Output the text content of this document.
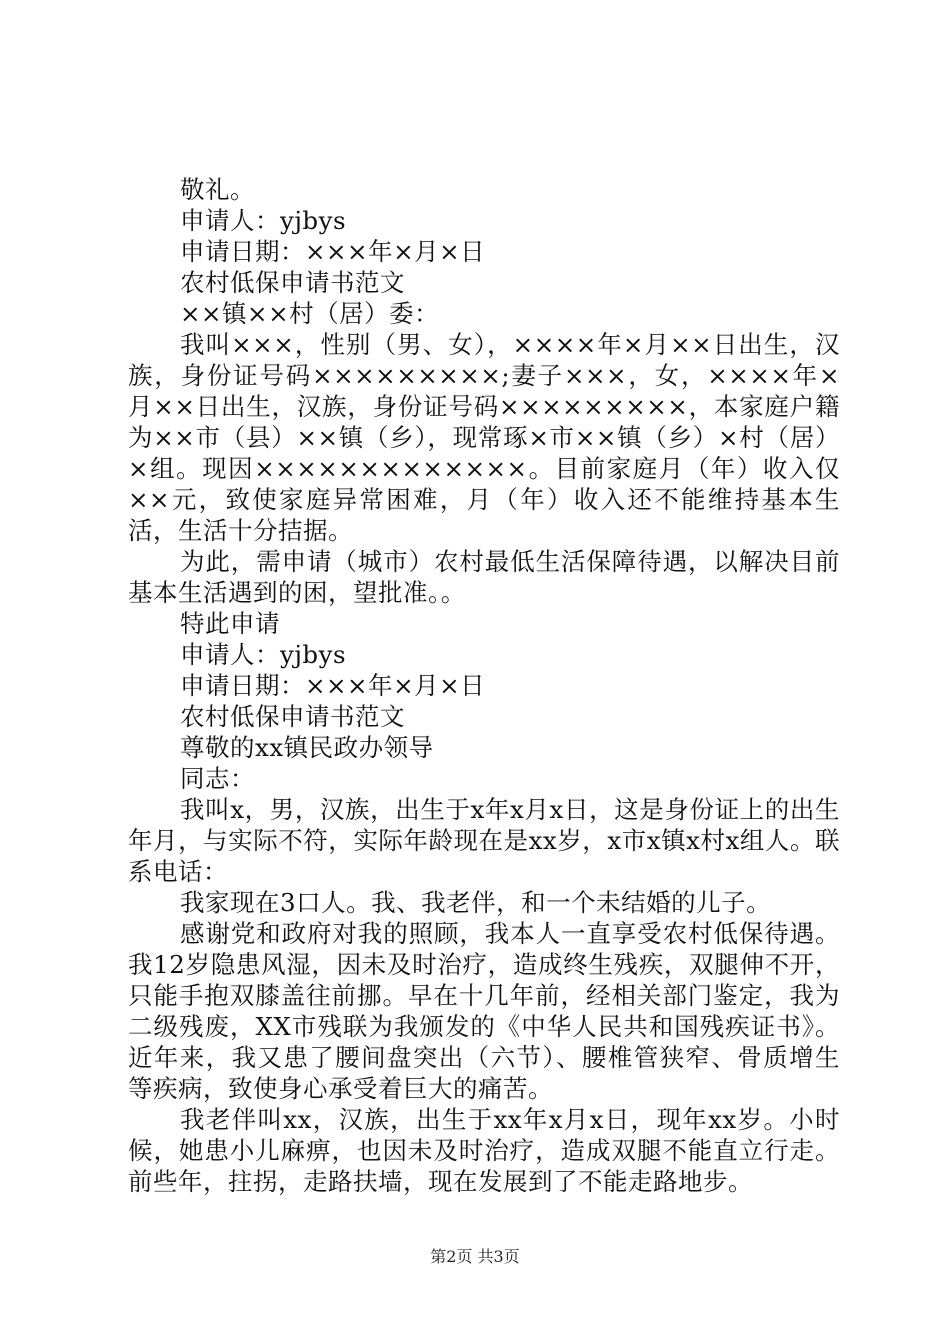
敬礼。
申请人：yjbys
申请日期：×××年×月×日
农村低保申请书范文
××镇××村（居）委：
我叫×××，性别（男、女），××××年×月××日出生，汉族，身份证号码×××××××××;妻子×××，女，××××年×月××日出生，汉族，身份证号码×××××××××，本家庭户籍为××市（县）××镇（乡），现常琢×市××镇（乡）×村（居）×组。现因×××××××××××××。目前家庭月（年）收入仅××元，致使家庭异常困难，月（年）收入还不能维持基本生活，生活十分拮据。
为此，需申请（城市）农村最低生活保障待遇，以解决目前基本生活遇到的困，望批准。。
特此申请
申请人：yjbys
申请日期：×××年×月×日
农村低保申请书范文
尊敬的xx镇民政办领导
同志：
我叫x，男，汉族，出生于x年x月x日，这是身份证上的出生年月，与实际不符，实际年龄现在是xx岁，x市x镇x村x组人。联系电话：
我家现在3口人。我、我老伴，和一个未结婚的儿子。
感谢党和政府对我的照顾，我本人一直享受农村低保待遇。我12岁隐患风湿，因未及时治疗，造成终生残疾，双腿伸不开，只能手抱双膝盖往前挪。早在十几年前，经相关部门鉴定，我为二级残废，XX市残联为我颁发的《中华人民共和国残疾证书》。近年来，我又患了腰间盘突出（六节）、腰椎管狭窄、骨质增生等疾病，致使身心承受着巨大的痛苦。
我老伴叫xx，汉族，出生于xx年x月x日，现年xx岁。小时候，她患小儿麻痹，也因未及时治疗，造成双腿不能直立行走。前些年，拄拐，走路扶墙，现在发展到了不能走路地步。
第2页 共3页
